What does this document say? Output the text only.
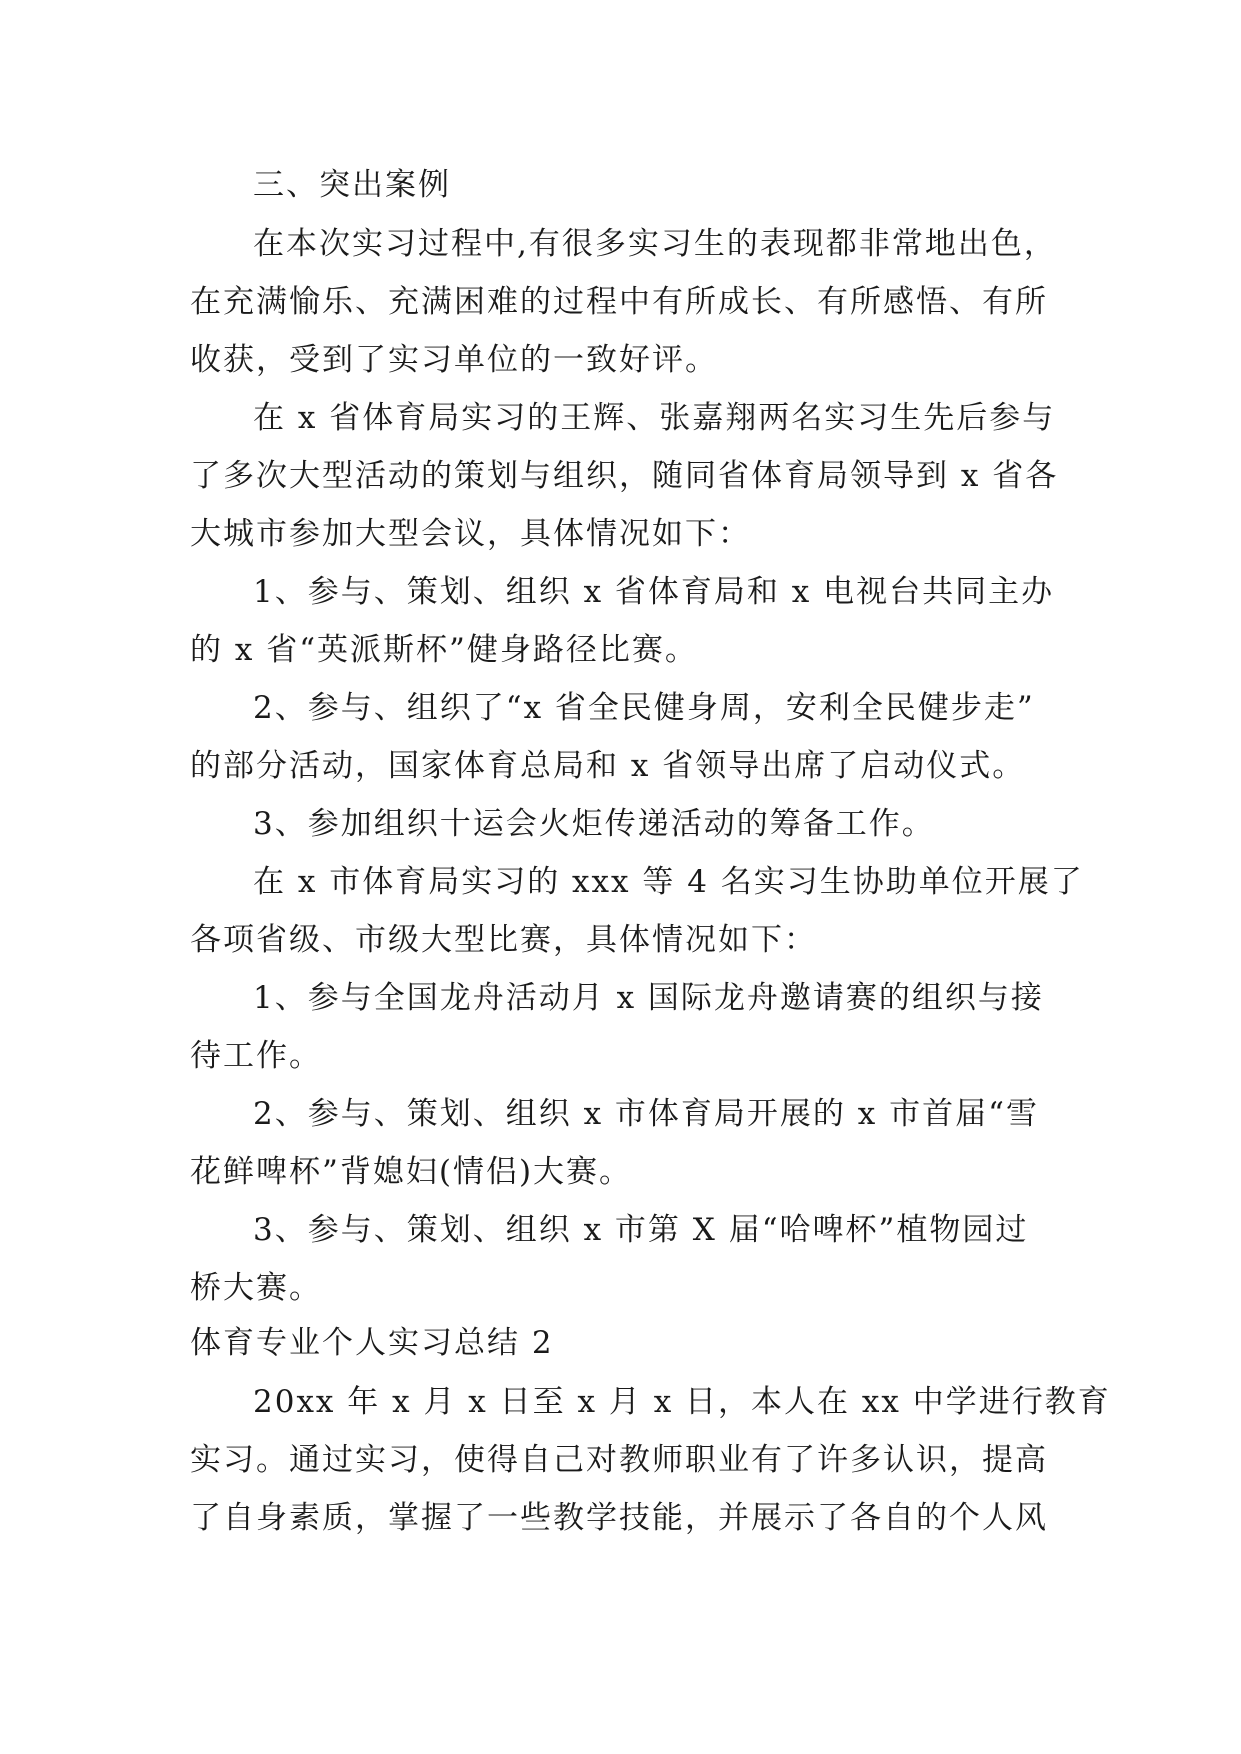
三、突出案例
在本次实习过程中,有很多实习生的表现都非常地出色，
在充满愉乐、充满困难的过程中有所成长、有所感悟、有所
收获，受到了实习单位的一致好评。
在 x 省体育局实习的王辉、张嘉翔两名实习生先后参与
了多次大型活动的策划与组织，随同省体育局领导到 x 省各
大城市参加大型会议，具体情况如下：
1、参与、策划、组织 x 省体育局和 x 电视台共同主办
的 x 省“英派斯杯”健身路径比赛。
2、参与、组织了“x 省全民健身周，安利全民健步走”
的部分活动，国家体育总局和 x 省领导出席了启动仪式。
3、参加组织十运会火炬传递活动的筹备工作。
在 x 市体育局实习的 xxx 等 4 名实习生协助单位开展了
各项省级、市级大型比赛，具体情况如下：
1、参与全国龙舟活动月 x 国际龙舟邀请赛的组织与接
待工作。
2、参与、策划、组织 x 市体育局开展的 x 市首届“雪
花鲜啤杯”背媳妇(情侣)大赛。
3、参与、策划、组织 x 市第 X 届“哈啤杯”植物园过
桥大赛。
体育专业个人实习总结 2
20xx 年 x 月 x 日至 x 月 x 日，本人在 xx 中学进行教育
实习。通过实习，使得自己对教师职业有了许多认识，提高
了自身素质，掌握了一些教学技能，并展示了各自的个人风
